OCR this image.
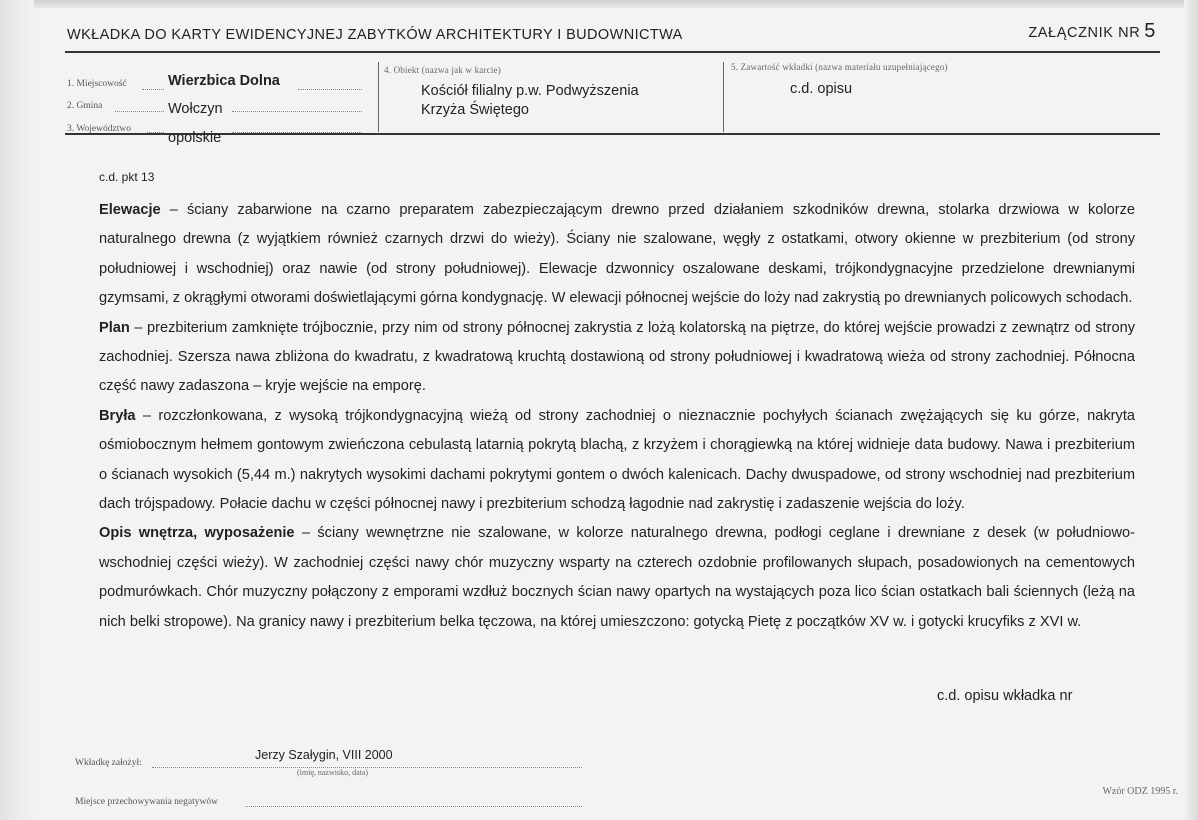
WKŁADKA DO KARTY EWIDENCYJNEJ ZABYTKÓW ARCHITEKTURY I BUDOWNICTWA	ZAŁĄCZNIK NR 5
1. Miejscowość	Wierzbica Dolna
2. Gmina	Wołczyn
3. Województwo
opolskie
4. Obiekt (nazwa jak w karcie)
Kościół filialny p.w. Podwyższenia
Krzyża Świętego
5. Zawartość wkładki (nazwa materiału uzupełniającego)
c.d. opisu
c.d. pkt 13

Elewacje – ściany zabarwione na czarno preparatem zabezpieczającym drewno przed działaniem szkodników drewna, stolarka drzwiowa w kolorze naturalnego drewna (z wyjątkiem również czarnych drzwi do wieży). Ściany nie szalowane, węgły z ostatkami, otwory okienne w prezbiterium (od strony południowej i wschodniej) oraz nawie (od strony południowej). Elewacje dzwonnicy oszalowane deskami, trójkondygnacyjne przedzielone drewnianymi gzymsami, z okrągłymi otworami doświetlającymi górna kondygnację. W elewacji północnej wejście do loży nad zakrystią po drewnianych policowych schodach.

Plan – prezbiterium zamknięte trójbocznie, przy nim od strony północnej zakrystia z lożą kolatorską na piętrze, do której wejście prowadzi z zewnątrz od strony zachodniej. Szersza nawa zbliżona do kwadratu, z kwadratową kruchtą dostawioną od strony południowej i kwadratową wieża od strony zachodniej. Północna część nawy zadaszona – kryje wejście na emporę.

Bryła – rozczłonkowana, z wysoką trójkondygnacyjną wieżą od strony zachodniej o nieznacznie pochyłych ścianach zwężających się ku górze, nakryta ośmiobocznym hełmem gontowym zwieńczona cebulastą latarnią pokrytą blachą, z krzyżem i chorągiewką na której widnieje data budowy. Nawa i prezbiterium o ścianach wysokich (5,44 m.) nakrytych wysokimi dachami pokrytymi gontem o dwóch kalenicach. Dachy dwuspadowe, od strony wschodniej nad prezbiterium dach trójspadowy. Połacie dachu w części północnej nawy i prezbiterium schodzą łagodnie nad zakrystię i zadaszenie wejścia do loży.

Opis wnętrza, wyposażenie – ściany wewnętrzne nie szalowane, w kolorze naturalnego drewna, podłogi ceglane i drewniane z desek (w południowo-wschodniej części wieży). W zachodniej części nawy chór muzyczny wsparty na czterech ozdobnie profilowanych słupach, posadowionych na cementowych podmurówkach. Chór muzyczny połączony z emporami wzdłuż bocznych ścian nawy opartych na wystających poza lico ścian ostatkach bali ściennych (leżą na nich belki stropowe). Na granicy nawy i prezbiterium belka tęczowa, na której umieszczono: gotycką Pietę z początków XV w. i gotycki krucyfiks z XVI w.

c.d. opisu wkładka nr
Wkładkę założył:
Jerzy Szałygin, VIII 2000
(imię, nazwisko, data)
Miejsce przechowywania negatywów
Wzór ODZ 1995 r.
